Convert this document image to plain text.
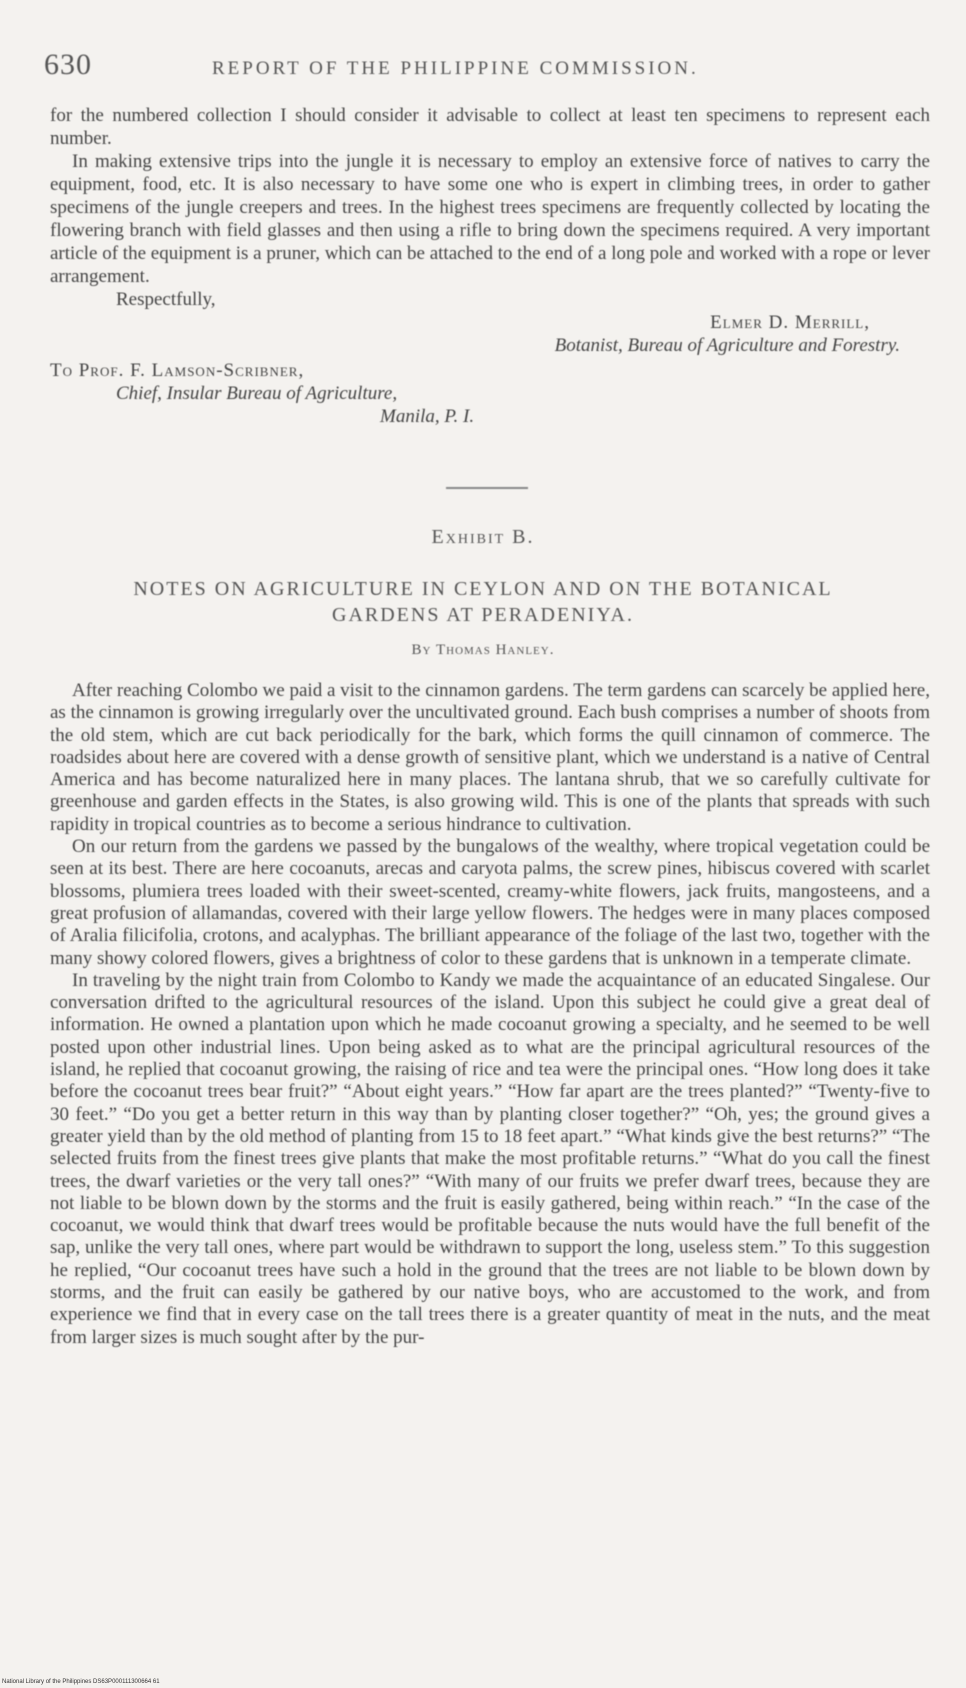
630	REPORT OF THE PHILIPPINE COMMISSION.

for the numbered collection I should consider it advisable to collect at least ten specimens to represent each number.

In making extensive trips into the jungle it is necessary to employ an extensive force of natives to carry the equipment, food, etc. It is also necessary to have some one who is expert in climbing trees, in order to gather specimens of the jungle creepers and trees. In the highest trees specimens are frequently collected by locating the flowering branch with field glasses and then using a rifle to bring down the specimens required. A very important article of the equipment is a pruner, which can be attached to the end of a long pole and worked with a rope or lever arrangement.

Respectfully,

Elmer D. Merrill,

Botanist, Bureau of Agriculture and Forestry.

To Prof. F. Lamson-Scribner,

Chief, Insular Bureau of Agriculture,

Manila, P. I.

Exhibit B.
NOTES ON AGRICULTURE IN CEYLON AND ON THE BOTANICAL GARDENS AT PERADENIYA.
By Thomas Hanley.

After reaching Colombo we paid a visit to the cinnamon gardens. The term gardens can scarcely be applied here, as the cinnamon is growing irregularly over the uncultivated ground. Each bush comprises a number of shoots from the old stem, which are cut back periodically for the bark, which forms the quill cinnamon of commerce. The roadsides about here are covered with a dense growth of sensitive plant, which we understand is a native of Central America and has become naturalized here in many places. The lantana shrub, that we so carefully cultivate for greenhouse and garden effects in the States, is also growing wild. This is one of the plants that spreads with such rapidity in tropical countries as to become a serious hindrance to cultivation.

On our return from the gardens we passed by the bungalows of the wealthy, where tropical vegetation could be seen at its best. There are here cocoanuts, arecas and caryota palms, the screw pines, hibiscus covered with scarlet blossoms, plumiera trees loaded with their sweet-scented, creamy-white flowers, jack fruits, mangosteens, and a great profusion of allamandas, covered with their large yellow flowers. The hedges were in many places composed of Aralia filicifolia, crotons, and acalyphas. The brilliant appearance of the foliage of the last two, together with the many showy colored flowers, gives a brightness of color to these gardens that is unknown in a temperate climate.

In traveling by the night train from Colombo to Kandy we made the acquaintance of an educated Singalese. Our conversation drifted to the agricultural resources of the island. Upon this subject he could give a great deal of information. He owned a plantation upon which he made cocoanut growing a specialty, and he seemed to be well posted upon other industrial lines. Upon being asked as to what are the principal agricultural resources of the island, he replied that cocoanut growing, the raising of rice and tea were the principal ones. “How long does it take before the cocoanut trees bear fruit?” “About eight years.” “How far apart are the trees planted?” “Twenty-five to 30 feet.” “Do you get a better return in this way than by planting closer together?” “Oh, yes; the ground gives a greater yield than by the old method of planting from 15 to 18 feet apart.” “What kinds give the best returns?” “The selected fruits from the finest trees give plants that make the most profitable returns.” “What do you call the finest trees, the dwarf varieties or the very tall ones?” “With many of our fruits we prefer dwarf trees, because they are not liable to be blown down by the storms and the fruit is easily gathered, being within reach.” “In the case of the cocoanut, we would think that dwarf trees would be profitable because the nuts would have the full benefit of the sap, unlike the very tall ones, where part would be withdrawn to support the long, useless stem.” To this suggestion he replied, “Our cocoanut trees have such a hold in the ground that the trees are not liable to be blown down by storms, and the fruit can easily be gathered by our native boys, who are accustomed to the work, and from experience we find that in every case on the tall trees there is a greater quantity of meat in the nuts, and the meat from larger sizes is much sought after by the pur-

National Library of the Philippines DS63P000111300664 61
